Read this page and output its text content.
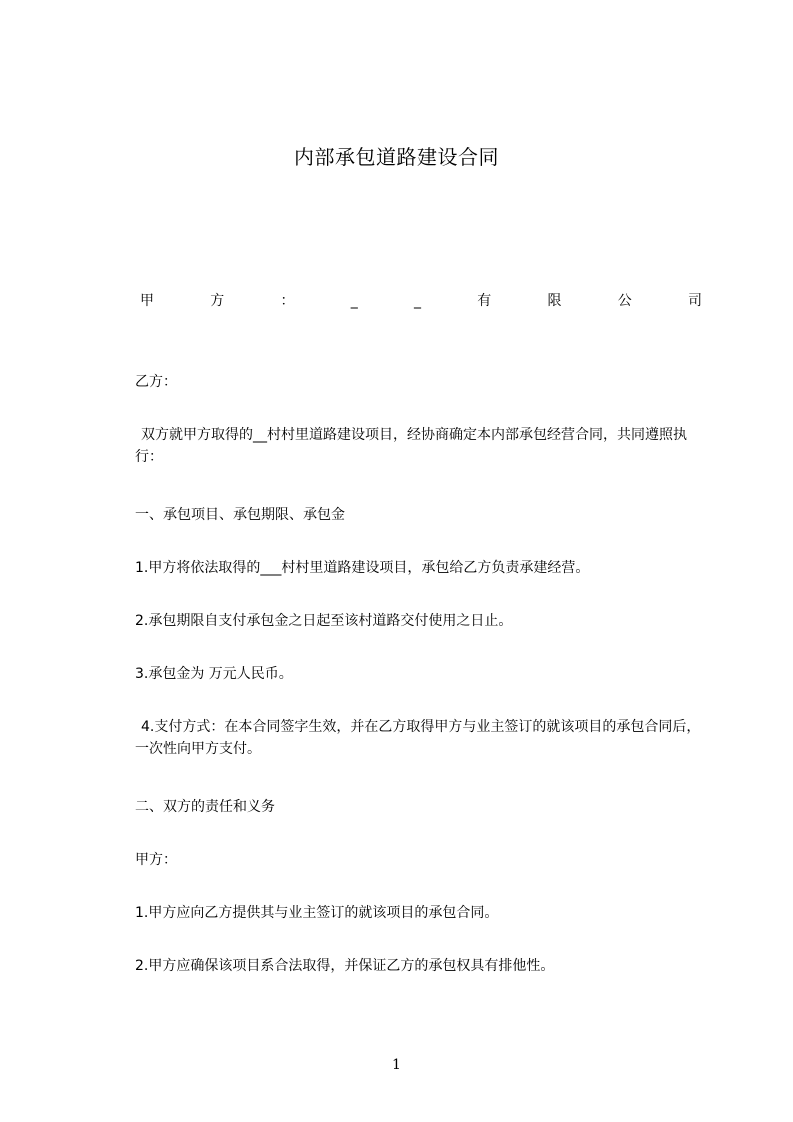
内部承包道路建设合同
甲	方	：	_	_	有	限	公	司

乙方：

双方就甲方取得的__村村里道路建设项目，经协商确定本内部承包经营合同，共同遵照执行：

一、承包项目、承包期限、承包金

1.甲方将依法取得的___村村里道路建设项目，承包给乙方负责承建经营。

2.承包期限自支付承包金之日起至该村道路交付使用之日止。

3.承包金为 万元人民币。

4.支付方式：在本合同签字生效，并在乙方取得甲方与业主签订的就该项目的承包合同后，一次性向甲方支付。

二、双方的责任和义务

甲方：

1.甲方应向乙方提供其与业主签订的就该项目的承包合同。

2.甲方应确保该项目系合法取得，并保证乙方的承包权具有排他性。

1
